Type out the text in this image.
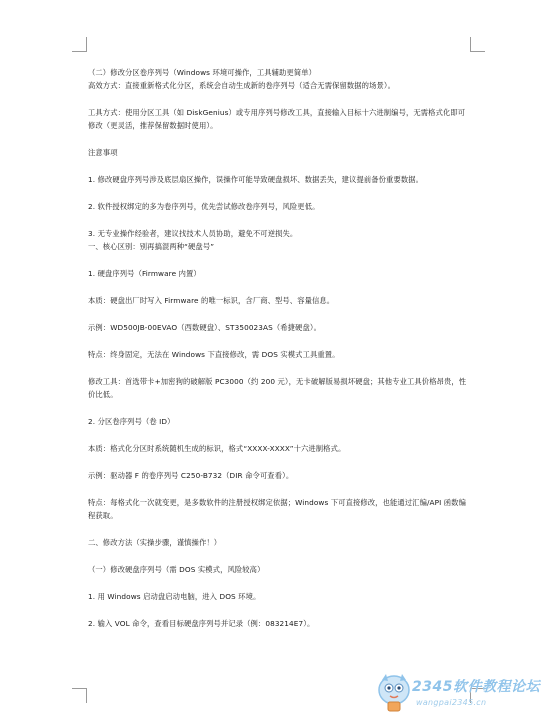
（二）修改分区卷序列号（Windows 环境可操作，工具辅助更简单）

高效方式：直接重新格式化分区，系统会自动生成新的卷序列号（适合无需保留数据的场景）。

工具方式：使用分区工具（如 DiskGenius）或专用序列号修改工具，直接输入目标十六进制编号，无需格式化即可修改（更灵活，推荐保留数据时使用）。

注意事项

1. 修改硬盘序列号涉及底层扇区操作，误操作可能导致硬盘损坏、数据丢失，建议提前备份重要数据。

2. 软件授权绑定的多为卷序列号，优先尝试修改卷序列号，风险更低。

3. 无专业操作经验者，建议找技术人员协助，避免不可逆损失。

一、核心区别：别再搞混两种“硬盘号”

1. 硬盘序列号（Firmware 内置）

本质：硬盘出厂时写入 Firmware 的唯一标识，含厂商、型号、容量信息。

示例：WD500JB-00EVAO（西数硬盘）、ST350023AS（希捷硬盘）。

特点：终身固定，无法在 Windows 下直接修改，需 DOS 实模式工具重置。

修改工具：首选带卡+加密狗的破解版 PC3000（约 200 元），无卡破解版易损坏硬盘；其他专业工具价格昂贵，性价比低。

2. 分区卷序列号（卷 ID）

本质：格式化分区时系统随机生成的标识，格式“XXXX-XXXX”十六进制格式。

示例：驱动器 F 的卷序列号 C250-B732（DIR 命令可查看）。

特点：每格式化一次就变更，是多数软件的注册授权绑定依据；Windows 下可直接修改，也能通过汇编/API 函数编程获取。

二、修改方法（实操步骤，谨慎操作！）

（一）修改硬盘序列号（需 DOS 实模式，风险较高）

1. 用 Windows 启动盘启动电脑，进入 DOS 环境。

2. 输入 VOL 命令，查看目标硬盘序列号并记录（例：083214E7）。

2345软件教程论坛
wangpai2345.cn
